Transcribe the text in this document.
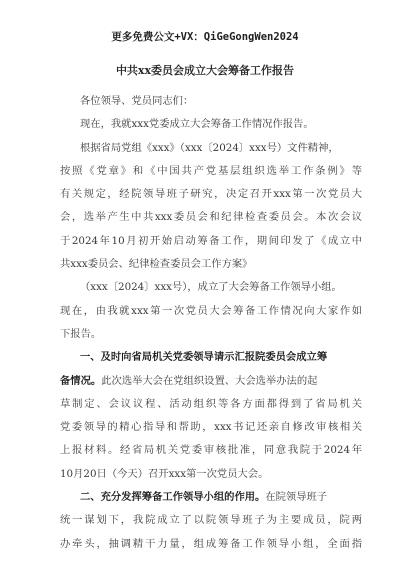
更多免费公文+VX：QiGeGongWen2024
中共xx委员会成立大会筹备工作报告
各位领导、党员同志们：
现在，我就xxx党委成立大会筹备工作情况作报告。
根据省局党组《xxx》（xxx〔2024〕xxx号）文件精神，
按照《党章》和《中国共产党基层组织选举工作条例》等
有关规定，经院领导班子研究，决定召开xxx第一次党员大
会，选举产生中共xxx委员会和纪律检查委员会。本次会议
于2024年10月初开始启动筹备工作，期间印发了《成立中
共xxx委员会、纪律检查委员会工作方案》
（xxx〔2024〕xxx号），成立了大会筹备工作领导小组。
现在，由我就xxx第一次党员大会筹备工作情况向大家作如
下报告。
一、及时向省局机关党委领导请示汇报院委员会成立筹
备情况。此次选举大会在党组织设置、大会选举办法的起
草制定、会议议程、活动组织等各方面都得到了省局机关
党委领导的精心指导和帮助，xxx书记还亲自修改审核相关
上报材料。经省局机关党委审核批准，同意我院于2024年
10月20日（今天）召开xxx第一次党员大会。
二、充分发挥筹备工作领导小组的作用。在院领导班子
统一谋划下，我院成立了以院领导班子为主要成员，院两
办牵头，抽调精干力量，组成筹备工作领导小组，全面指
